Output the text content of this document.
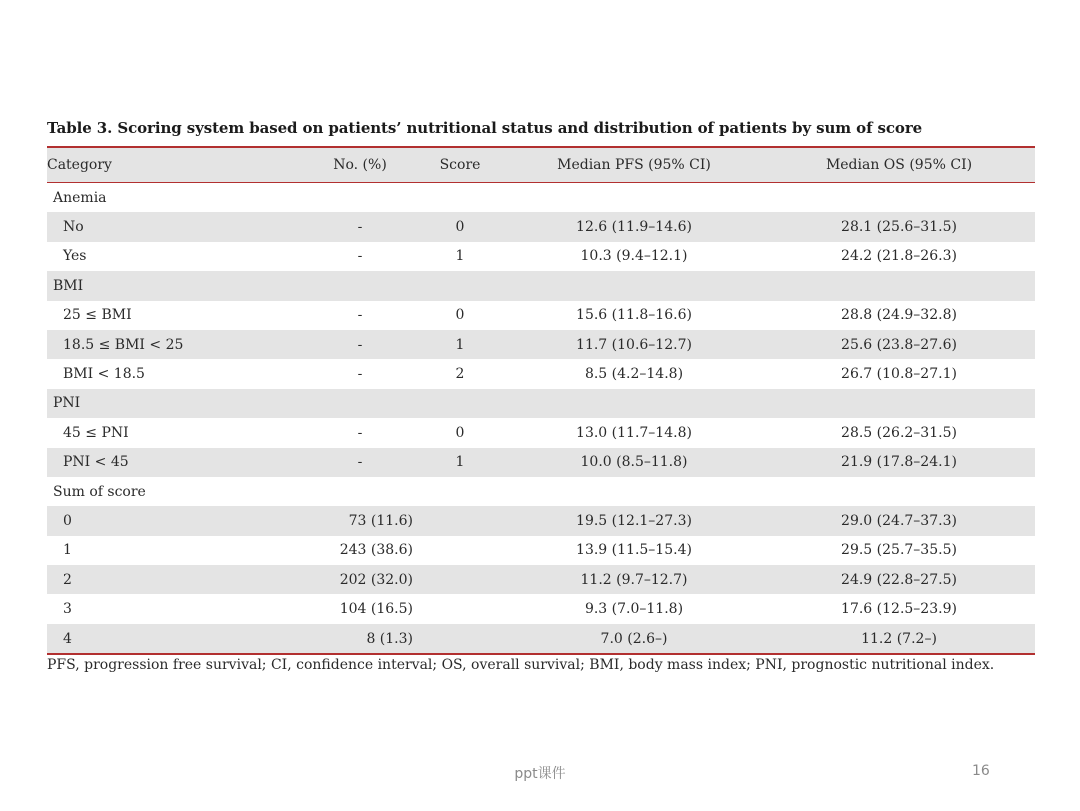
Table 3. Scoring system based on patients’ nutritional status and distribution of patients by sum of score
Category	No. (%)	Score	Median PFS (95% CI)	Median OS (95% CI)
Anemia				
No	-	0	12.6 (11.9–14.6)	28.1 (25.6–31.5)
Yes	-	1	10.3 (9.4–12.1)	24.2 (21.8–26.3)
BMI				
25 ≤ BMI	-	0	15.6 (11.8–16.6)	28.8 (24.9–32.8)
18.5 ≤ BMI < 25	-	1	11.7 (10.6–12.7)	25.6 (23.8–27.6)
BMI < 18.5	-	2	8.5 (4.2–14.8)	26.7 (10.8–27.1)
PNI				
45 ≤ PNI	-	0	13.0 (11.7–14.8)	28.5 (26.2–31.5)
PNI < 45	-	1	10.0 (8.5–11.8)	21.9 (17.8–24.1)
Sum of score				
0	73 (11.6)		19.5 (12.1–27.3)	29.0 (24.7–37.3)
1	243 (38.6)		13.9 (11.5–15.4)	29.5 (25.7–35.5)
2	202 (32.0)		11.2 (9.7–12.7)	24.9 (22.8–27.5)
3	104 (16.5)		9.3 (7.0–11.8)	17.6 (12.5–23.9)
4	8 (1.3)		7.0 (2.6–)	11.2 (7.2–)
PFS, progression free survival; CI, confidence interval; OS, overall survival; BMI, body mass index; PNI, prognostic nutritional index.
ppt课件	16
